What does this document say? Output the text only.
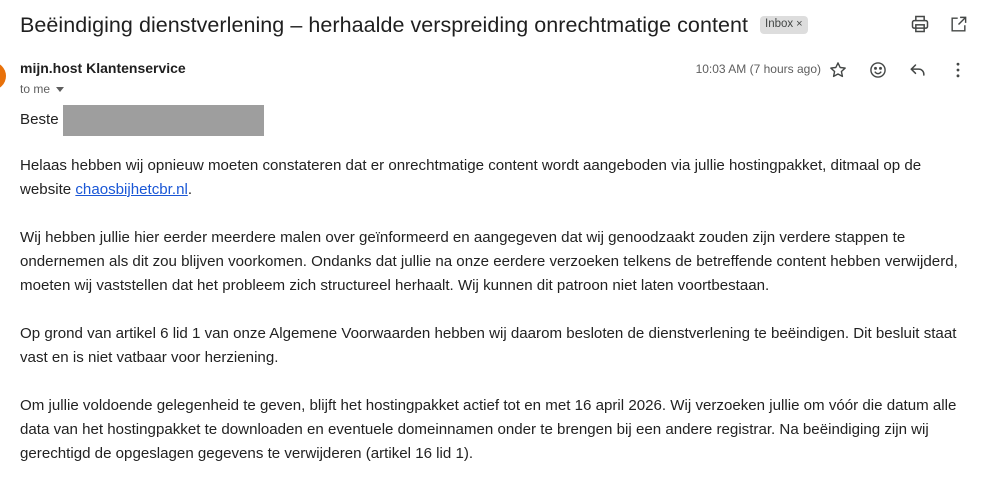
Beëindiging dienstverlening – herhaalde verspreiding onrechtmatige content Inbox ×
mijn.host Klantenservice
to me
10:03 AM (7 hours ago)
Beste

Helaas hebben wij opnieuw moeten constateren dat er onrechtmatige content wordt aangeboden via jullie hostingpakket, ditmaal op de website chaosbijhetcbr.nl.

Wij hebben jullie hier eerder meerdere malen over geïnformeerd en aangegeven dat wij genoodzaakt zouden zijn verdere stappen te ondernemen als dit zou blijven voorkomen. Ondanks dat jullie na onze eerdere verzoeken telkens de betreffende content hebben verwijderd, moeten wij vaststellen dat het probleem zich structureel herhaalt. Wij kunnen dit patroon niet laten voortbestaan.

Op grond van artikel 6 lid 1 van onze Algemene Voorwaarden hebben wij daarom besloten de dienstverlening te beëindigen. Dit besluit staat vast en is niet vatbaar voor herziening.

Om jullie voldoende gelegenheid te geven, blijft het hostingpakket actief tot en met 16 april 2026. Wij verzoeken jullie om vóór die datum alle data van het hostingpakket te downloaden en eventuele domeinnamen onder te brengen bij een andere registrar. Na beëindiging zijn wij gerechtigd de opgeslagen gegevens te verwijderen (artikel 16 lid 1).
